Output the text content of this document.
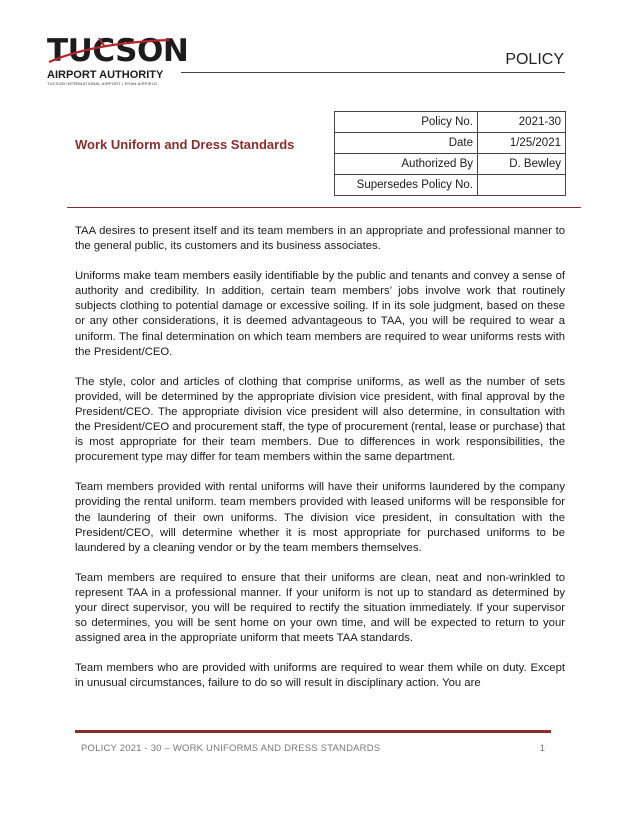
TUCSON
AIRPORT AUTHORITY
TUCSON INTERNATIONAL AIRPORT • RYAN AIRFIELD
POLICY
Work Uniform and Dress Standards
Policy No.	2021-30
Date	1/25/2021
Authorized By	D. Bewley
Supersedes Policy No.	

TAA desires to present itself and its team members in an appropriate and professional manner to the general public, its customers and its business associates.

Uniforms make team members easily identifiable by the public and tenants and convey a sense of authority and credibility. In addition, certain team members’ jobs involve work that routinely subjects clothing to potential damage or excessive soiling. If in its sole judgment, based on these or any other considerations, it is deemed advantageous to TAA, you will be required to wear a uniform. The final determination on which team members are required to wear uniforms rests with the President/CEO.

The style, color and articles of clothing that comprise uniforms, as well as the number of sets provided, will be determined by the appropriate division vice president, with final approval by the President/CEO. The appropriate division vice president will also determine, in consultation with the President/CEO and procurement staff, the type of procurement (rental, lease or purchase) that is most appropriate for their team members. Due to differences in work responsibilities, the procurement type may differ for team members within the same department.

Team members provided with rental uniforms will have their uniforms laundered by the company providing the rental uniform. team members provided with leased uniforms will be responsible for the laundering of their own uniforms. The division vice president, in consultation with the President/CEO, will determine whether it is most appropriate for purchased uniforms to be laundered by a cleaning vendor or by the team members themselves.

Team members are required to ensure that their uniforms are clean, neat and non-wrinkled to represent TAA in a professional manner. If your uniform is not up to standard as determined by your direct supervisor, you will be required to rectify the situation immediately. If your supervisor so determines, you will be sent home on your own time, and will be expected to return to your assigned area in the appropriate uniform that meets TAA standards.

Team members who are provided with uniforms are required to wear them while on duty. Except in unusual circumstances, failure to do so will result in disciplinary action. You are

POLICY 2021 - 30 – WORK UNIFORMS AND DRESS STANDARDS	1
